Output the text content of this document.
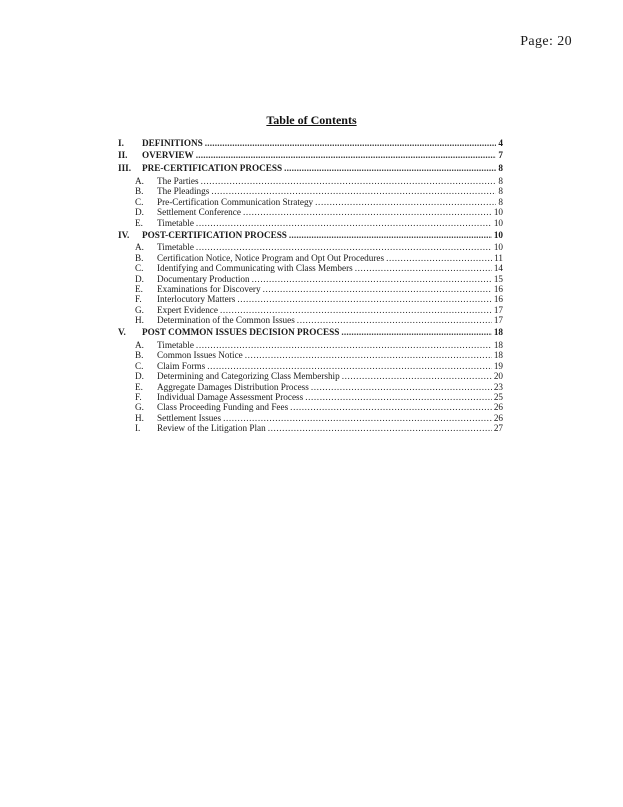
Page: 20
Table of Contents
I.	DEFINITIONS .....	4
II.	OVERVIEW .....	7
III.	PRE-CERTIFICATION PROCESS .....	8
A.	The Parties .....	8
B.	The Pleadings .....	8
C.	Pre-Certification Communication Strategy .....	8
D.	Settlement Conference .....	10
E.	Timetable .....	10
IV.	POST-CERTIFICATION PROCESS .....	10
A.	Timetable .....	10
B.	Certification Notice, Notice Program and Opt Out Procedures .....	11
C.	Identifying and Communicating with Class Members .....	14
D.	Documentary Production .....	15
E.	Examinations for Discovery .....	16
F.	Interlocutory Matters .....	16
G.	Expert Evidence .....	17
H.	Determination of the Common Issues .....	17
V.	POST COMMON ISSUES DECISION PROCESS .....	18
A.	Timetable .....	18
B.	Common Issues Notice .....	18
C.	Claim Forms .....	19
D.	Determining and Categorizing Class Membership .....	20
E.	Aggregate Damages Distribution Process .....	23
F.	Individual Damage Assessment Process .....	25
G.	Class Proceeding Funding and Fees .....	26
H.	Settlement Issues .....	26
I.	Review of the Litigation Plan .....	27
